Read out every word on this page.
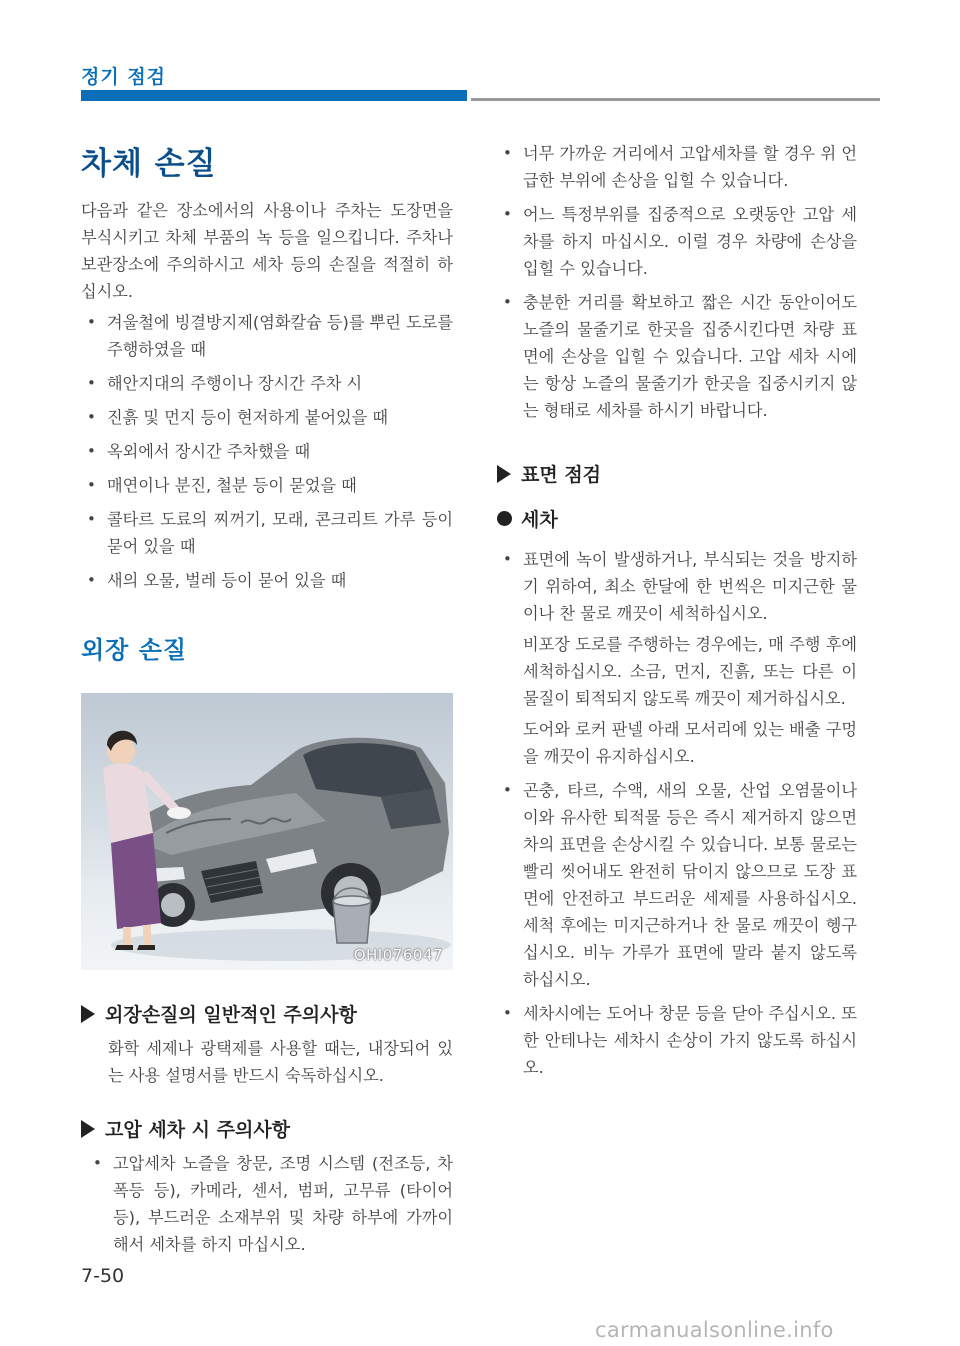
정기 점검
차체 손질

다음과 같은 장소에서의 사용이나 주차는 도장면을 부식시키고 차체 부품의 녹 등을 일으킵니다. 주차나 보관장소에 주의하시고 세차 등의 손질을 적절히 하십시오.

• 겨울철에 빙결방지제(염화칼슘 등)를 뿌린 도로를 주행하였을 때
• 해안지대의 주행이나 장시간 주차 시
• 진흙 및 먼지 등이 현저하게 붙어있을 때
• 옥외에서 장시간 주차했을 때
• 매연이나 분진, 철분 등이 묻었을 때
• 콜타르 도료의 찌꺼기, 모래, 콘크리트 가루 등이 묻어 있을 때
• 새의 오물, 벌레 등이 묻어 있을 때
외장 손질
OHI076047
외장손질의 일반적인 주의사항

화학 세제나 광택제를 사용할 때는, 내장되어 있는 사용 설명서를 반드시 숙독하십시오.

고압 세차 시 주의사항
• 고압세차 노즐을 창문, 조명 시스템 (전조등, 차폭등 등), 카메라, 센서, 범퍼, 고무류 (타이어 등), 부드러운 소재부위 및 차량 하부에 가까이 해서 세차를 하지 마십시오.
• 너무 가까운 거리에서 고압세차를 할 경우 위 언급한 부위에 손상을 입힐 수 있습니다.
• 어느 특정부위를 집중적으로 오랫동안 고압 세차를 하지 마십시오. 이럴 경우 차량에 손상을 입힐 수 있습니다.
• 충분한 거리를 확보하고 짧은 시간 동안이어도 노즐의 물줄기로 한곳을 집중시킨다면 차량 표면에 손상을 입힐 수 있습니다. 고압 세차 시에는 항상 노즐의 물줄기가 한곳을 집중시키지 않는 형태로 세차를 하시기 바랍니다.
표면 점검
세차
• 표면에 녹이 발생하거나, 부식되는 것을 방지하기 위하여, 최소 한달에 한 번씩은 미지근한 물이나 찬 물로 깨끗이 세척하십시오.
비포장 도로를 주행하는 경우에는, 매 주행 후에 세척하십시오. 소금, 먼지, 진흙, 또는 다른 이 물질이 퇴적되지 않도록 깨끗이 제거하십시오.
도어와 로커 판넬 아래 모서리에 있는 배출 구멍을 깨끗이 유지하십시오.
• 곤충, 타르, 수액, 새의 오물, 산업 오염물이나 이와 유사한 퇴적물 등은 즉시 제거하지 않으면 차의 표면을 손상시킬 수 있습니다. 보통 물로는 빨리 씻어내도 완전히 닦이지 않으므로 도장 표면에 안전하고 부드러운 세제를 사용하십시오. 세척 후에는 미지근하거나 찬 물로 깨끗이 헹구십시오. 비누 가루가 표면에 말라 붙지 않도록 하십시오.
• 세차시에는 도어나 창문 등을 닫아 주십시오. 또한 안테나는 세차시 손상이 가지 않도록 하십시오.
7-50
carmanualsonline.info
